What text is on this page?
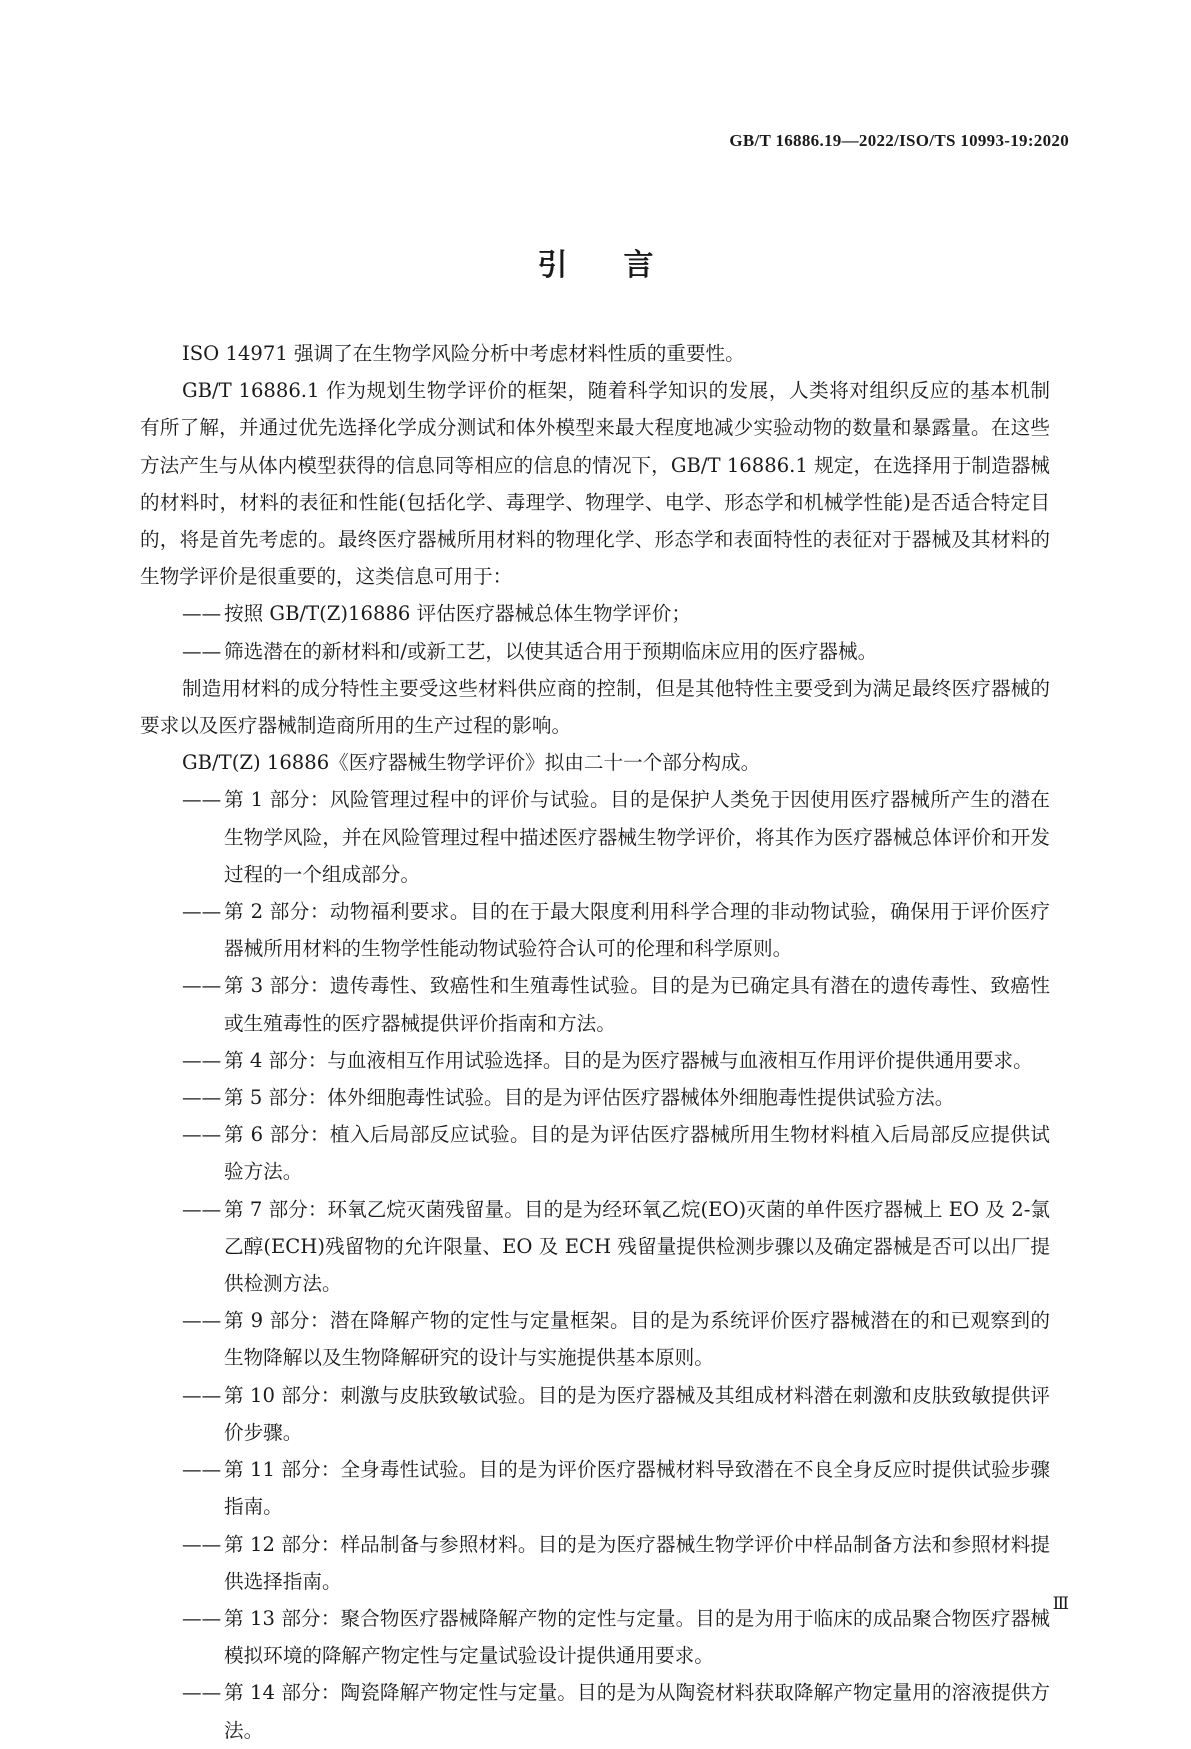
GB/T 16886.19—2022/ISO/TS 10993-19:2020
引言

ISO 14971 强调了在生物学风险分析中考虑材料性质的重要性。

GB/T 16886.1 作为规划生物学评价的框架，随着科学知识的发展，人类将对组织反应的基本机制有所了解，并通过优先选择化学成分测试和体外模型来最大程度地减少实验动物的数量和暴露量。在这些方法产生与从体内模型获得的信息同等相应的信息的情况下，GB/T 16886.1 规定，在选择用于制造器械的材料时，材料的表征和性能(包括化学、毒理学、物理学、电学、形态学和机械学性能)是否适合特定目的，将是首先考虑的。最终医疗器械所用材料的物理化学、形态学和表面特性的表征对于器械及其材料的生物学评价是很重要的，这类信息可用于：

—— 按照 GB/T(Z)16886 评估医疗器械总体生物学评价；
—— 筛选潜在的新材料和/或新工艺，以使其适合用于预期临床应用的医疗器械。

制造用材料的成分特性主要受这些材料供应商的控制，但是其他特性主要受到为满足最终医疗器械的要求以及医疗器械制造商所用的生产过程的影响。

GB/T(Z) 16886《医疗器械生物学评价》拟由二十一个部分构成。

—— 第 1 部分：风险管理过程中的评价与试验。目的是保护人类免于因使用医疗器械所产生的潜在生物学风险，并在风险管理过程中描述医疗器械生物学评价，将其作为医疗器械总体评价和开发过程的一个组成部分。
—— 第 2 部分：动物福利要求。目的在于最大限度利用科学合理的非动物试验，确保用于评价医疗器械所用材料的生物学性能动物试验符合认可的伦理和科学原则。
—— 第 3 部分：遗传毒性、致癌性和生殖毒性试验。目的是为已确定具有潜在的遗传毒性、致癌性或生殖毒性的医疗器械提供评价指南和方法。
—— 第 4 部分：与血液相互作用试验选择。目的是为医疗器械与血液相互作用评价提供通用要求。
—— 第 5 部分：体外细胞毒性试验。目的是为评估医疗器械体外细胞毒性提供试验方法。
—— 第 6 部分：植入后局部反应试验。目的是为评估医疗器械所用生物材料植入后局部反应提供试验方法。
—— 第 7 部分：环氧乙烷灭菌残留量。目的是为经环氧乙烷(EO)灭菌的单件医疗器械上 EO 及 2-氯乙醇(ECH)残留物的允许限量、EO 及 ECH 残留量提供检测步骤以及确定器械是否可以出厂提供检测方法。
—— 第 9 部分：潜在降解产物的定性与定量框架。目的是为系统评价医疗器械潜在的和已观察到的生物降解以及生物降解研究的设计与实施提供基本原则。
—— 第 10 部分：刺激与皮肤致敏试验。目的是为医疗器械及其组成材料潜在刺激和皮肤致敏提供评价步骤。
—— 第 11 部分：全身毒性试验。目的是为评价医疗器械材料导致潜在不良全身反应时提供试验步骤指南。
—— 第 12 部分：样品制备与参照材料。目的是为医疗器械生物学评价中样品制备方法和参照材料提供选择指南。
—— 第 13 部分：聚合物医疗器械降解产物的定性与定量。目的是为用于临床的成品聚合物医疗器械模拟环境的降解产物定性与定量试验设计提供通用要求。
—— 第 14 部分：陶瓷降解产物定性与定量。目的是为从陶瓷材料获取降解产物定量用的溶液提供方法。
Ⅲ
